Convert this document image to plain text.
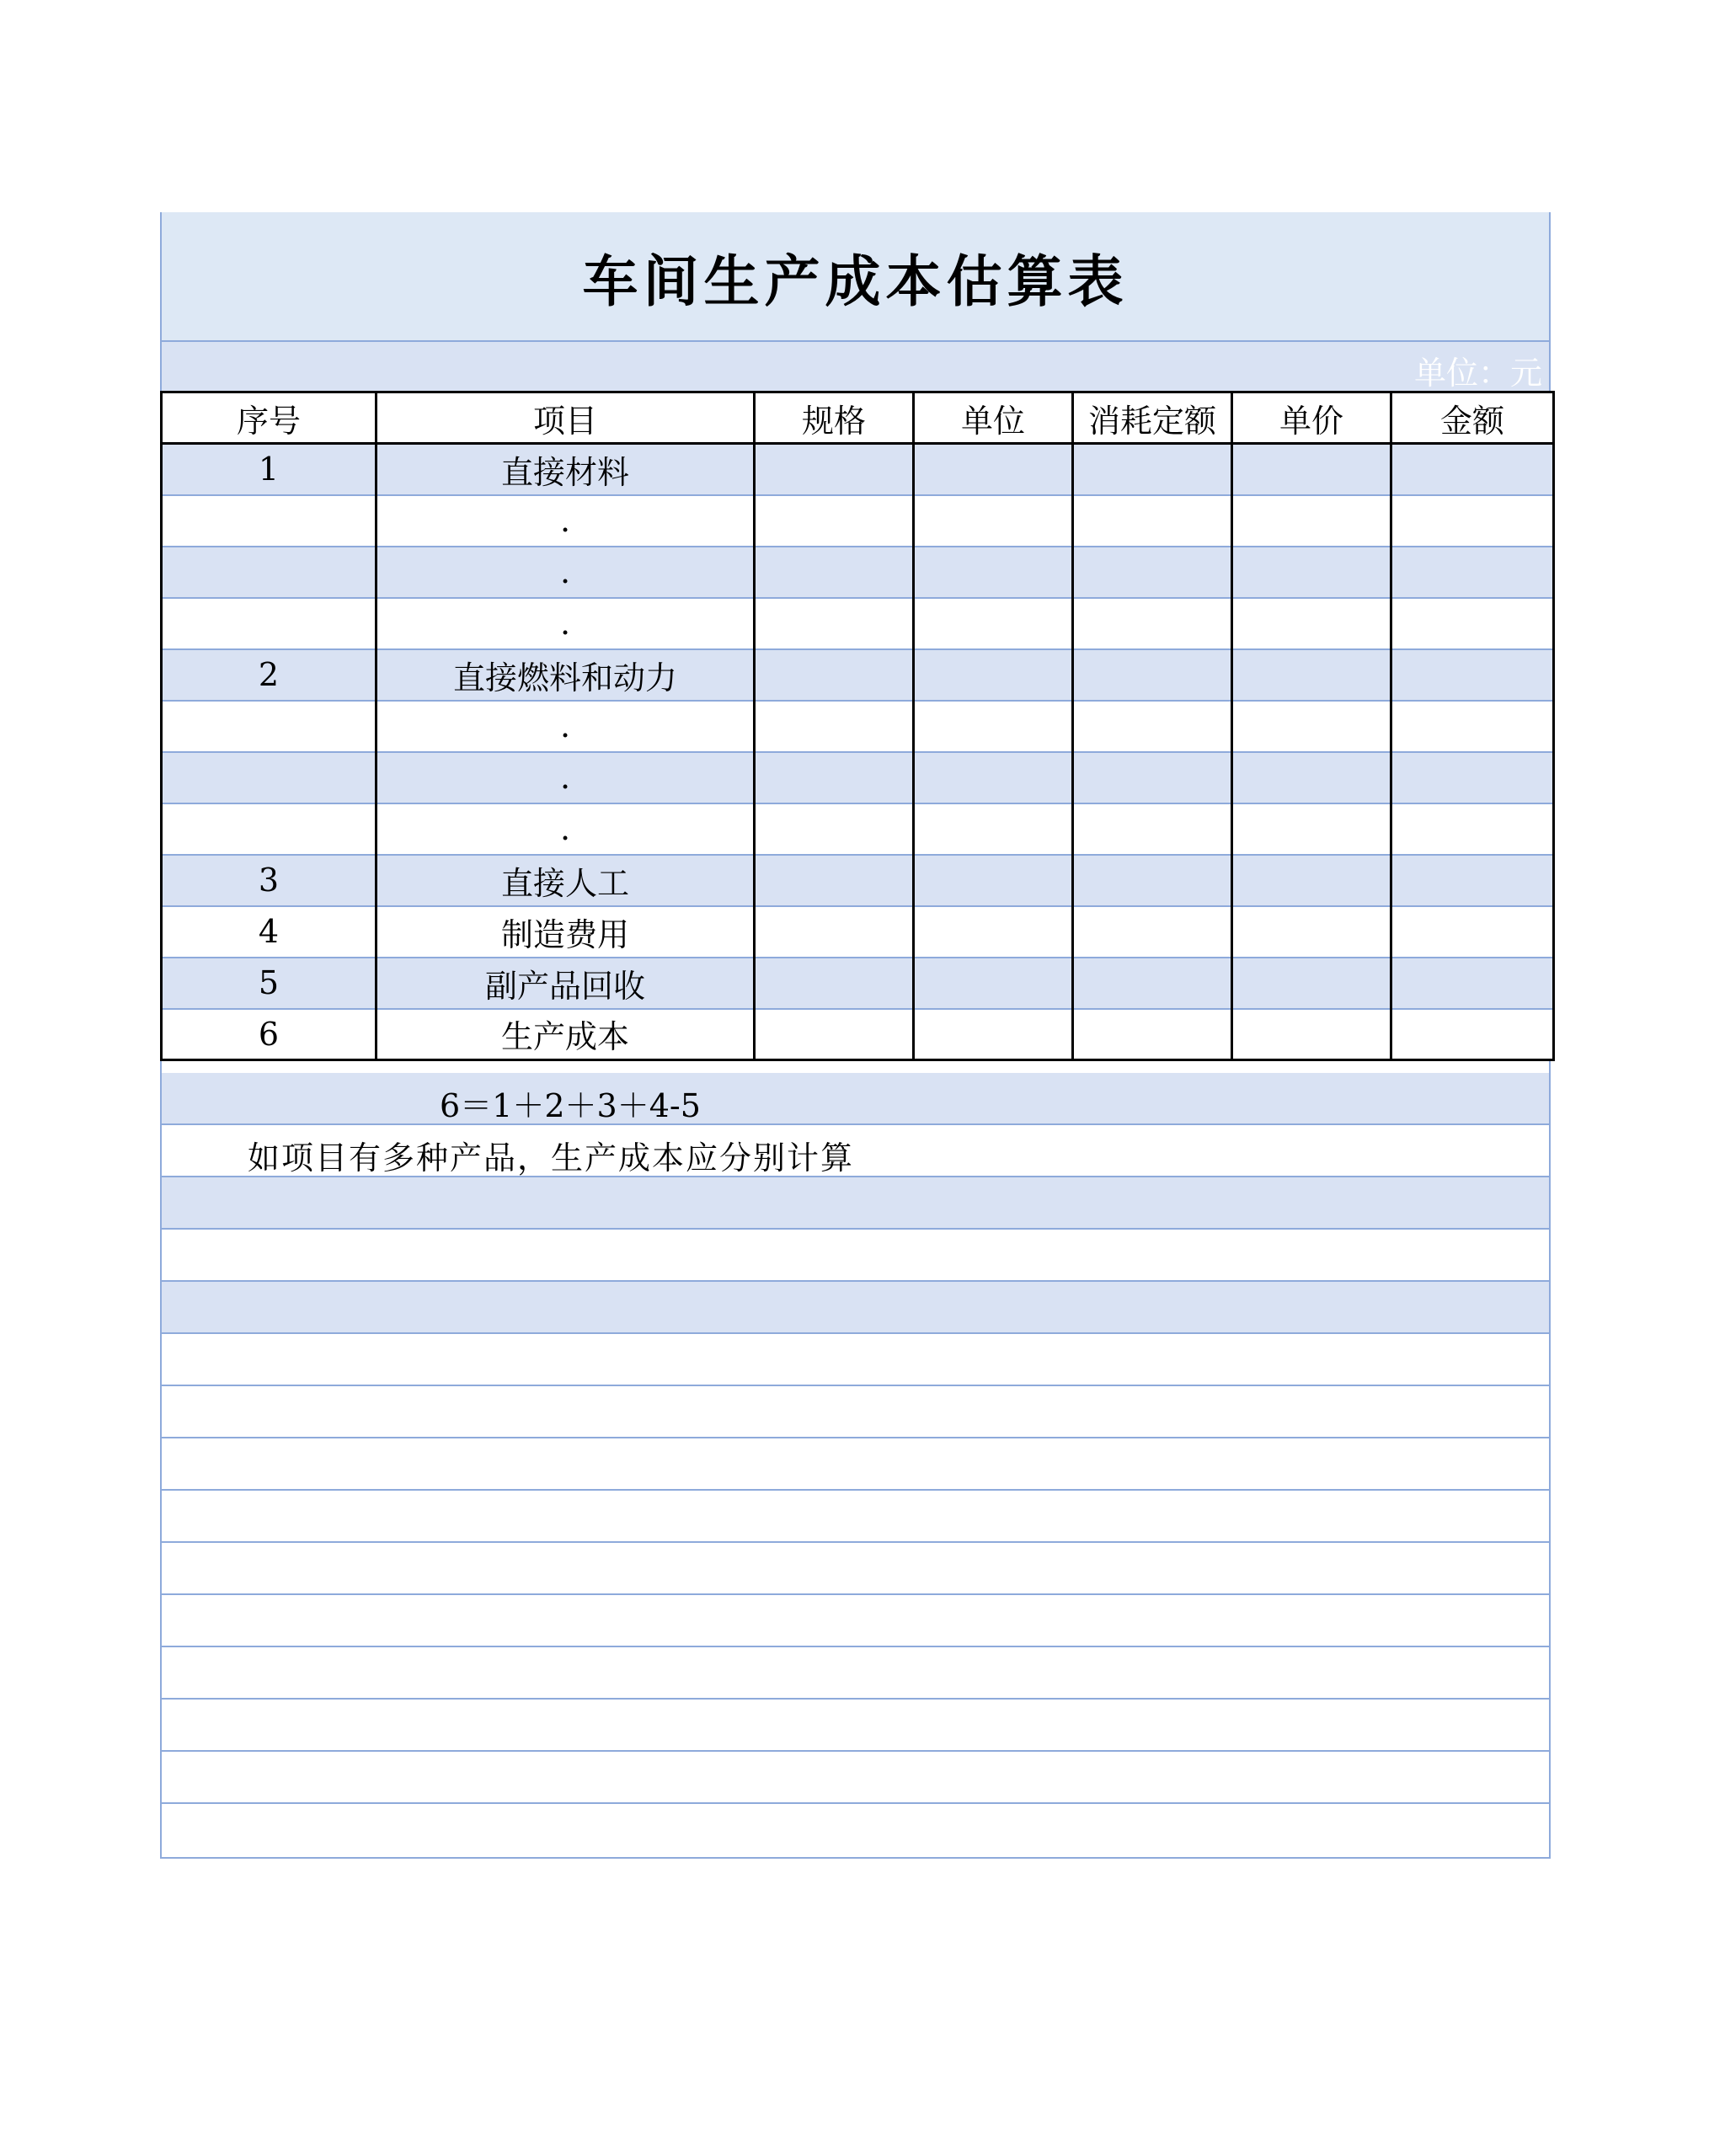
车间生产成本估算表
单位：元
序号	项目	规格	单位	消耗定额	单价	金额
1	直接材料					
	.					
	.					
	.					
2	直接燃料和动力					
	.					
	.					
	.					
3	直接人工					
4	制造费用					
5	副产品回收					
6	生产成本					
6＝1＋2＋3＋4-5
如项目有多种产品，生产成本应分别计算
